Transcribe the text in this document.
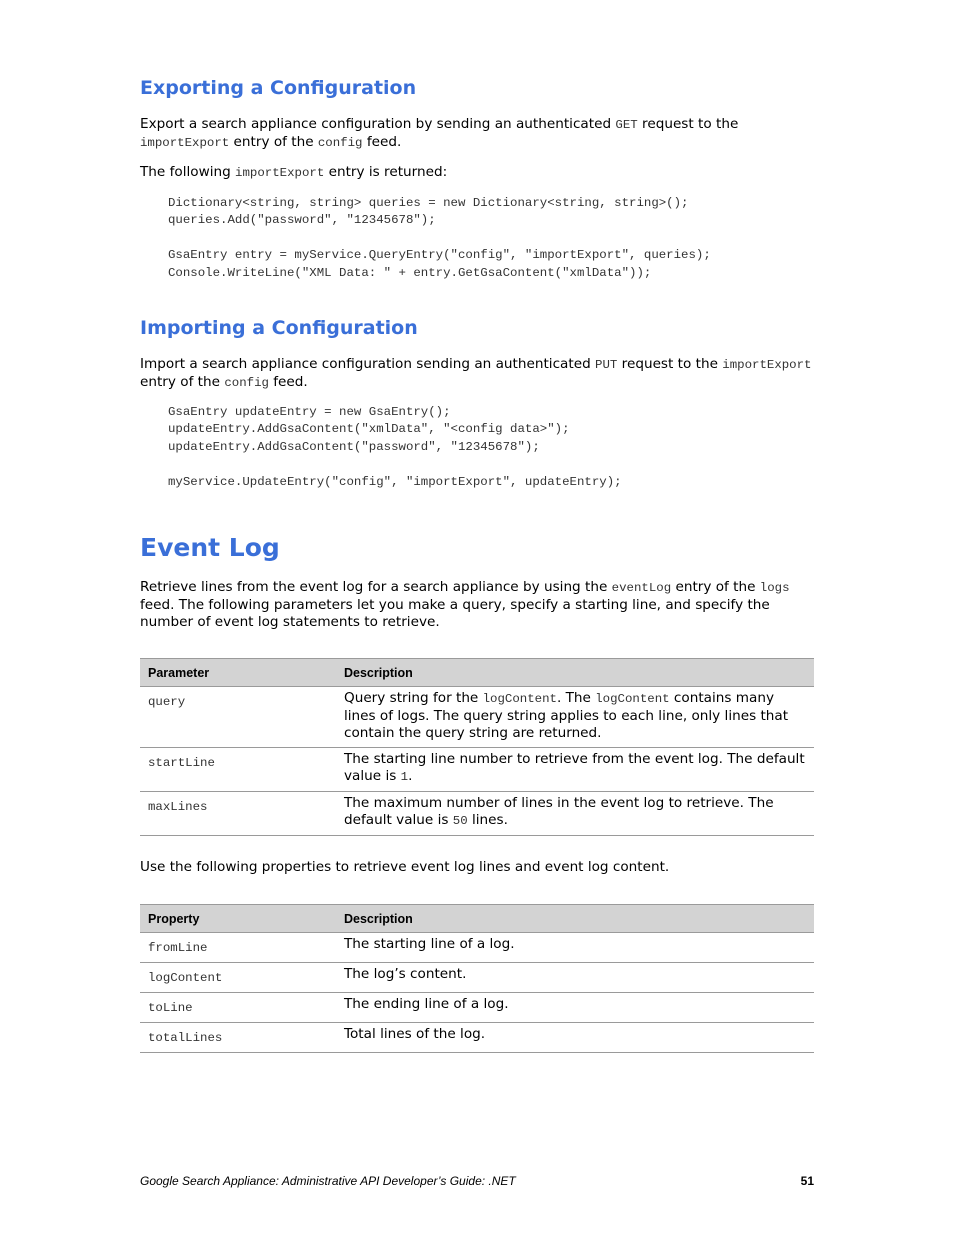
Exporting a Configuration
Export a search appliance configuration by sending an authenticated GET request to the importExport entry of the config feed.
The following importExport entry is returned:
Dictionary<string, string> queries = new Dictionary<string, string>();
queries.Add("password", "12345678");

GsaEntry entry = myService.QueryEntry("config", "importExport", queries);
Console.WriteLine("XML Data: " + entry.GetGsaContent("xmlData"));
Importing a Configuration
Import a search appliance configuration sending an authenticated PUT request to the importExport entry of the config feed.
GsaEntry updateEntry = new GsaEntry();
updateEntry.AddGsaContent("xmlData", "<config data>");
updateEntry.AddGsaContent("password", "12345678");

myService.UpdateEntry("config", "importExport", updateEntry);
Event Log
Retrieve lines from the event log for a search appliance by using the eventLog entry of the logs feed. The following parameters let you make a query, specify a starting line, and specify the number of event log statements to retrieve.
Parameter	Description
query	Query string for the logContent. The logContent contains many lines of logs. The query string applies to each line, only lines that contain the query string are returned.
startLine	The starting line number to retrieve from the event log. The default value is 1.
maxLines	The maximum number of lines in the event log to retrieve. The default value is 50 lines.
Use the following properties to retrieve event log lines and event log content.
Property	Description
fromLine	The starting line of a log.
logContent	The log’s content.
toLine	The ending line of a log.
totalLines	Total lines of the log.
Google Search Appliance: Administrative API Developer’s Guide: .NET	51
